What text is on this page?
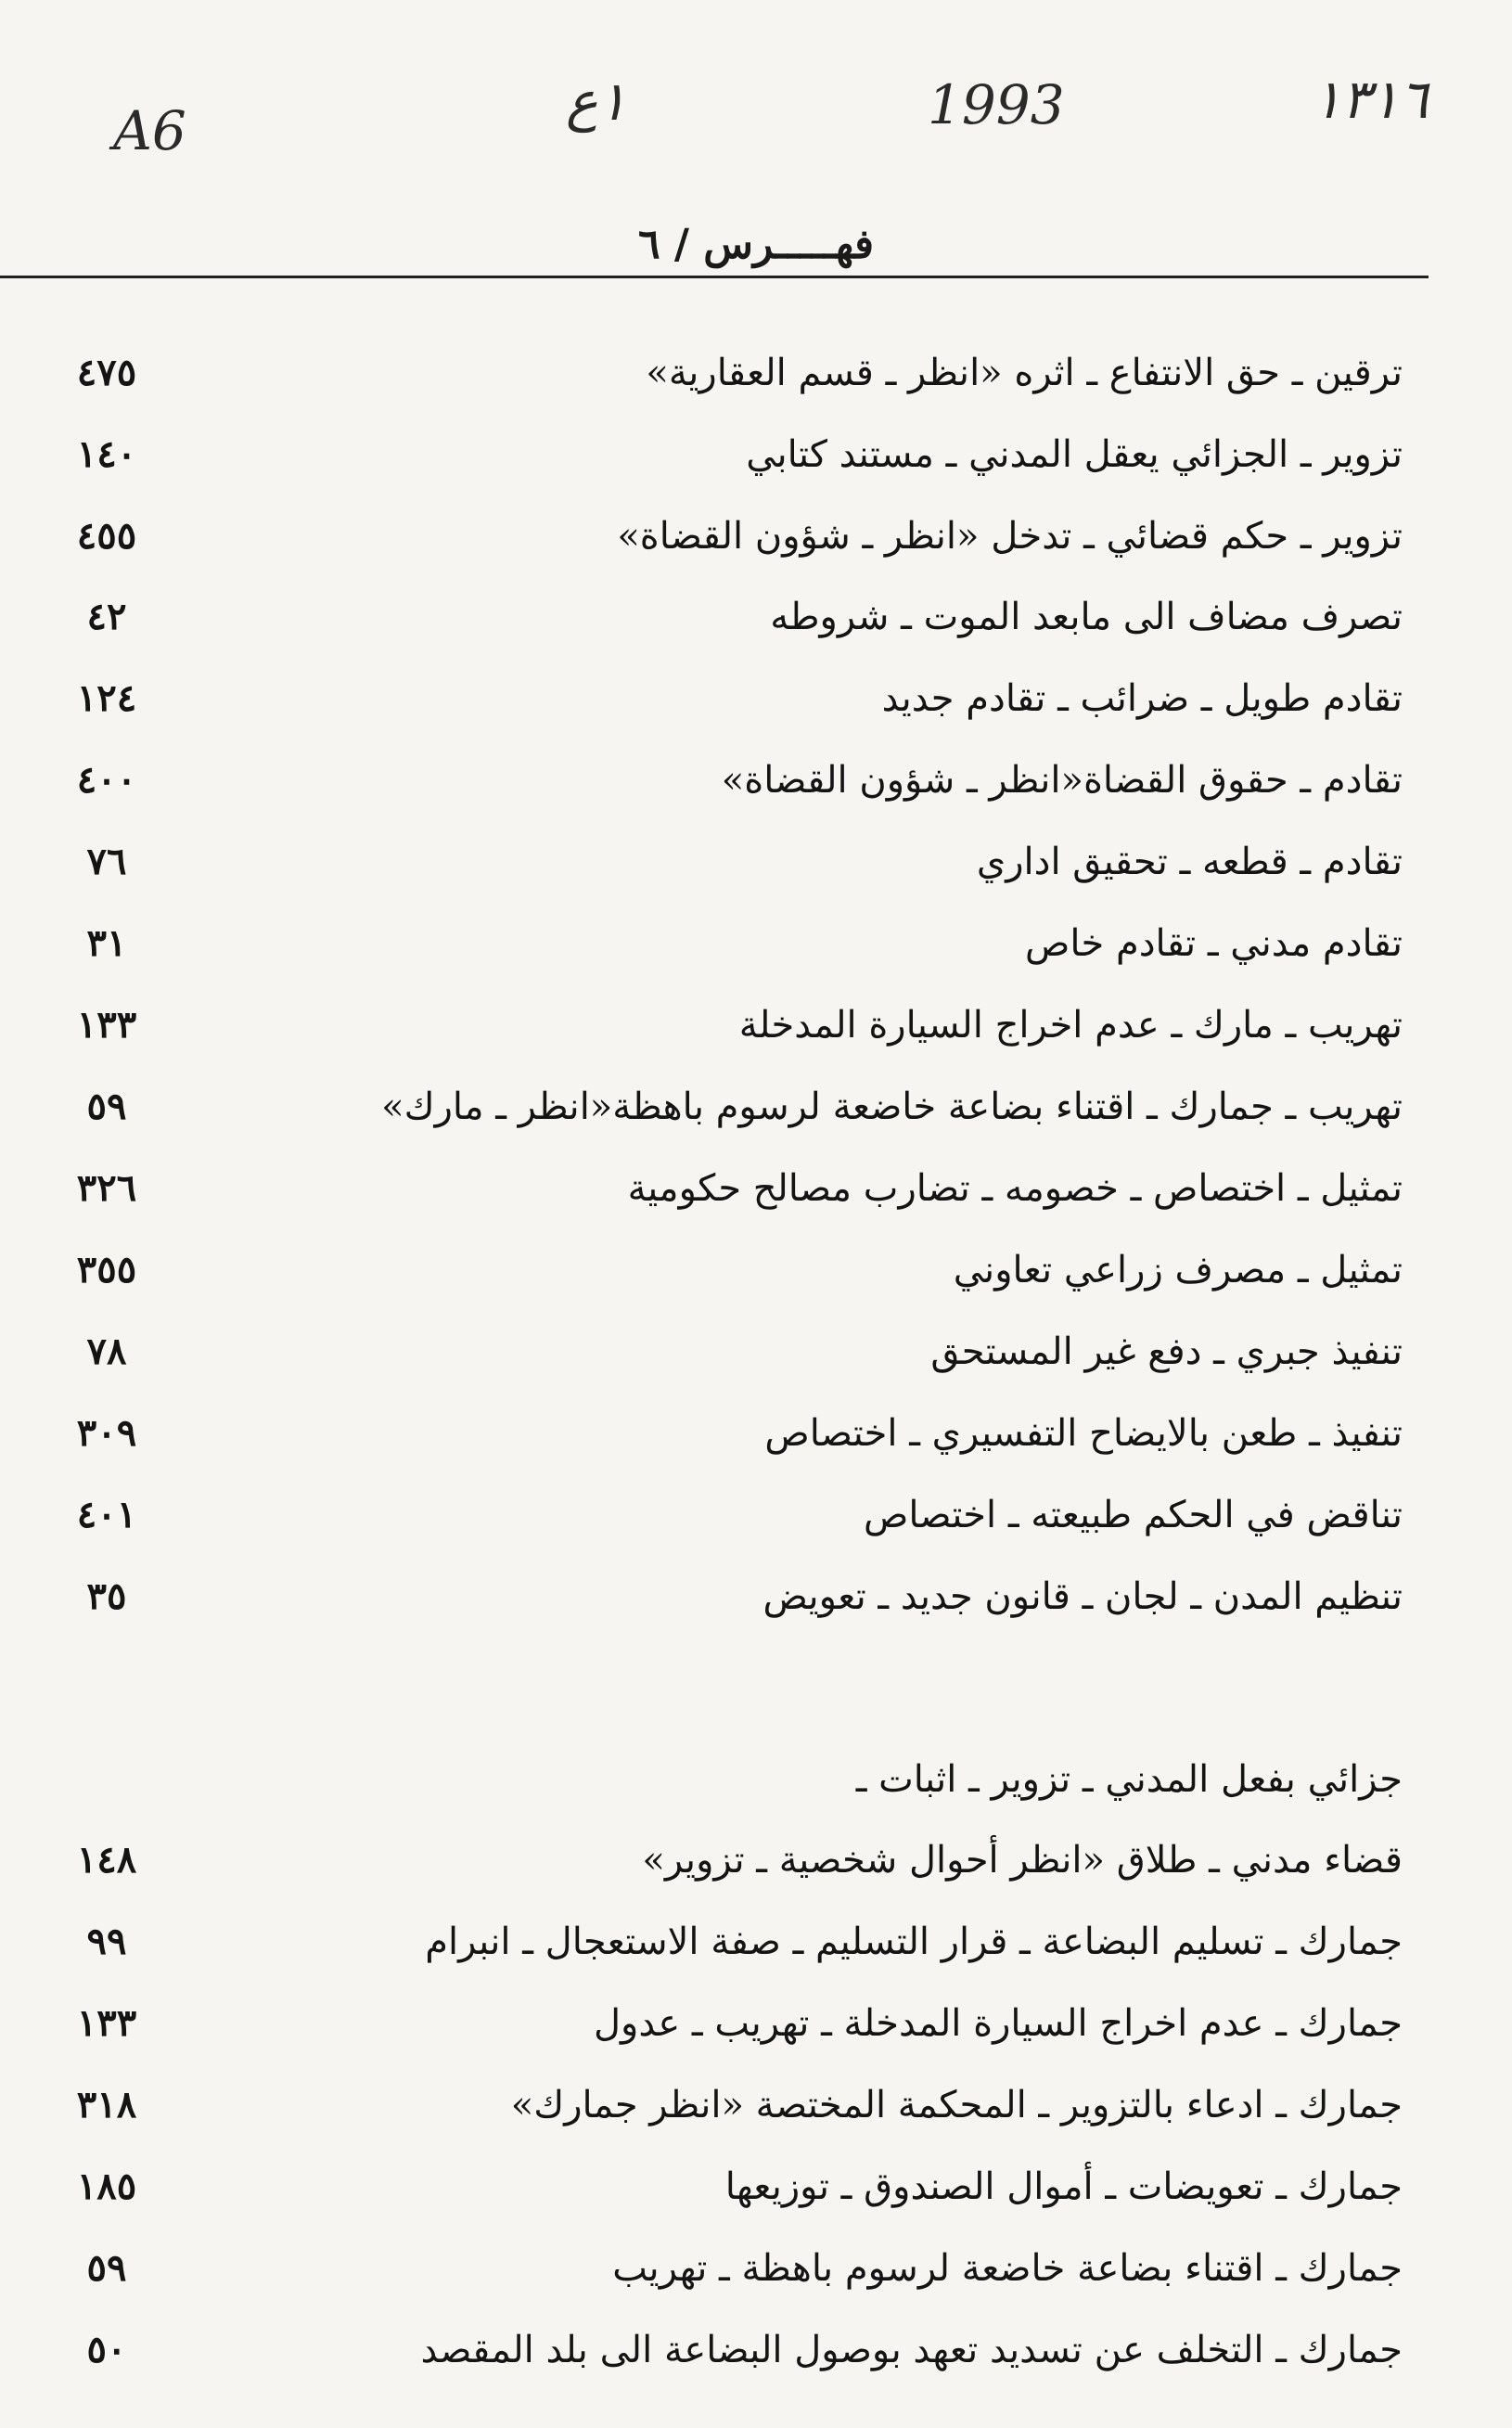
A6	١ع	1993	١٣١٦
فهـــــرس / ٦
ترقين ـ حق الانتفاع ـ اثره «انظر ـ قسم العقارية»
٤٧٥
تزوير ـ الجزائي يعقل المدني ـ مستند كتابي
١٤٠
تزوير ـ حكم قضائي ـ تدخل «انظر ـ شؤون القضاة»
٤٥٥
تصرف مضاف الى مابعد الموت ـ شروطه
٤٢
تقادم طويل ـ ضرائب ـ تقادم جديد
١٢٤
تقادم ـ حقوق القضاة«انظر ـ شؤون القضاة»
٤٠٠
تقادم ـ قطعه ـ تحقيق اداري
٧٦
تقادم مدني ـ تقادم خاص
٣١
تهريب ـ مارك ـ عدم اخراج السيارة المدخلة
١٣٣
تهريب ـ جمارك ـ اقتناء بضاعة خاضعة لرسوم باهظة«انظر ـ مارك»
٥٩
تمثيل ـ اختصاص ـ خصومه ـ تضارب مصالح حكومية
٣٢٦
تمثيل ـ مصرف زراعي تعاوني
٣٥٥
تنفيذ جبري ـ دفع غير المستحق
٧٨
تنفيذ ـ طعن بالايضاح التفسيري ـ اختصاص
٣٠٩
تناقض في الحكم طبيعته ـ اختصاص
٤٠١
تنظيم المدن ـ لجان ـ قانون جديد ـ تعويض
٣٥
جزائي بفعل المدني ـ تزوير ـ اثبات ـ
قضاء مدني ـ طلاق «انظر أحوال شخصية ـ تزوير»
١٤٨
جمارك ـ تسليم البضاعة ـ قرار التسليم ـ صفة الاستعجال ـ انبرام
٩٩
جمارك ـ عدم اخراج السيارة المدخلة ـ تهريب ـ عدول
١٣٣
جمارك ـ ادعاء بالتزوير ـ المحكمة المختصة «انظر جمارك»
٣١٨
جمارك ـ تعويضات ـ أموال الصندوق ـ توزيعها
١٨٥
جمارك ـ اقتناء بضاعة خاضعة لرسوم باهظة ـ تهريب
٥٩
جمارك ـ التخلف عن تسديد تعهد بوصول البضاعة الى بلد المقصد
٥٠
